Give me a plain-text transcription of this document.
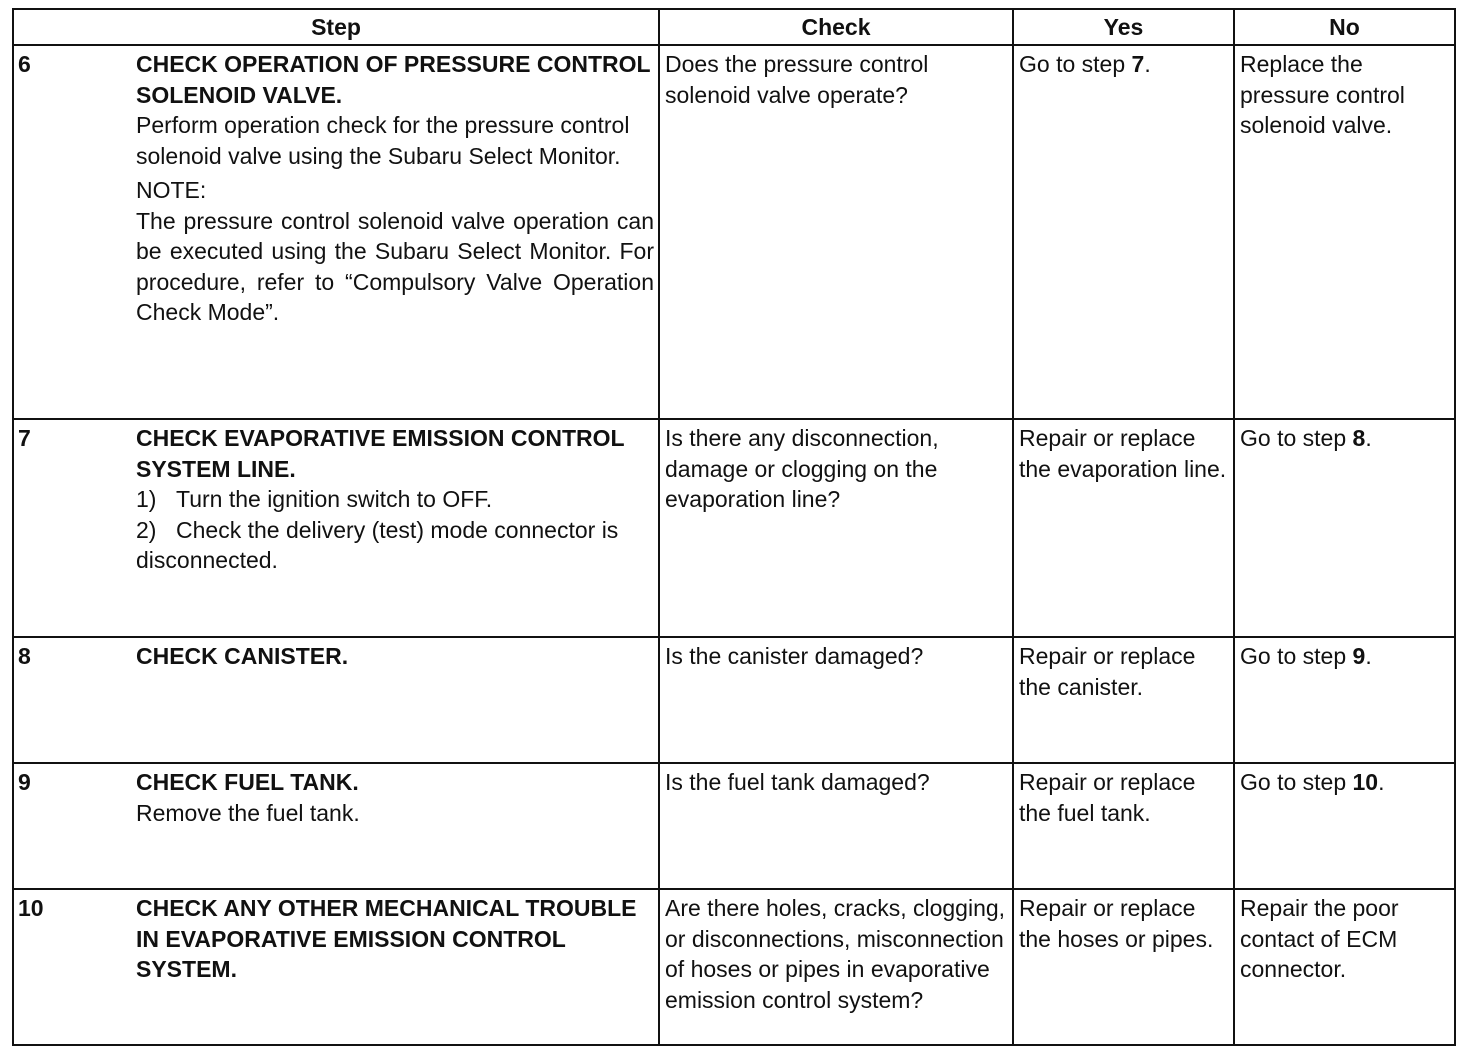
Step	Check	Yes	No

6 CHECK OPERATION OF PRESSURE CONTROL SOLENOID VALVE.
Perform operation check for the pressure control solenoid valve using the Subaru Select Monitor.
NOTE:
The pressure control solenoid valve operation can be executed using the Subaru Select Monitor. For procedure, refer to “Compulsory Valve Operation Check Mode”.	Does the pressure control solenoid valve operate?	Go to step 7.	Replace the pressure control solenoid valve.

7 CHECK EVAPORATIVE EMISSION CONTROL SYSTEM LINE.
1) Turn the ignition switch to OFF.
2) Check the delivery (test) mode connector is disconnected.	Is there any disconnection, damage or clogging on the evaporation line?	Repair or replace the evaporation line.	Go to step 8.

8 CHECK CANISTER.	Is the canister damaged?	Repair or replace the canister.	Go to step 9.

9 CHECK FUEL TANK.
Remove the fuel tank.	Is the fuel tank damaged?	Repair or replace the fuel tank.	Go to step 10.

10 CHECK ANY OTHER MECHANICAL TROUBLE IN EVAPORATIVE EMISSION CONTROL SYSTEM.	Are there holes, cracks, clogging, or disconnections, misconnection of hoses or pipes in evaporative emission control system?	Repair or replace the hoses or pipes.	Repair the poor contact of ECM connector.
